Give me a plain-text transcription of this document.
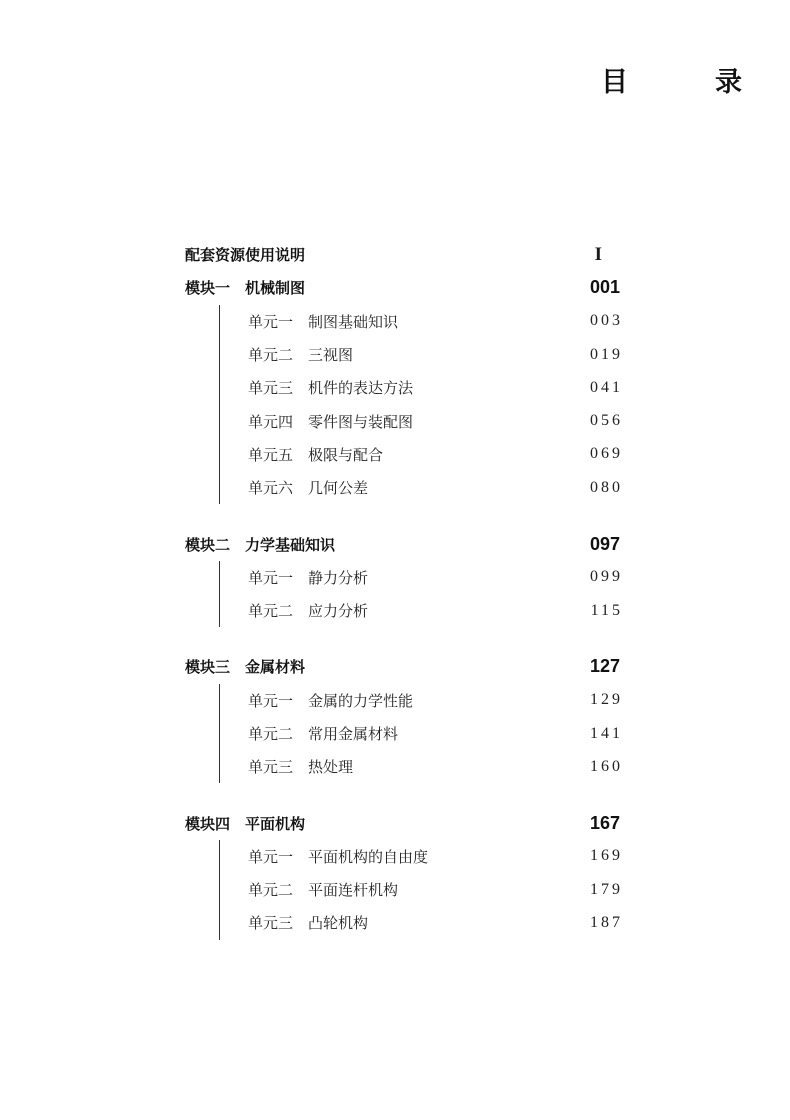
目　录
配套资源使用说明	I
模块一　机械制图	001
单元一　制图基础知识	003
单元二　三视图	019
单元三　机件的表达方法	041
单元四　零件图与装配图	056
单元五　极限与配合	069
单元六　几何公差	080
模块二　力学基础知识	097
单元一　静力分析	099
单元二　应力分析	115
模块三　金属材料	127
单元一　金属的力学性能	129
单元二　常用金属材料	141
单元三　热处理	160
模块四　平面机构	167
单元一　平面机构的自由度	169
单元二　平面连杆机构	179
单元三　凸轮机构	187
